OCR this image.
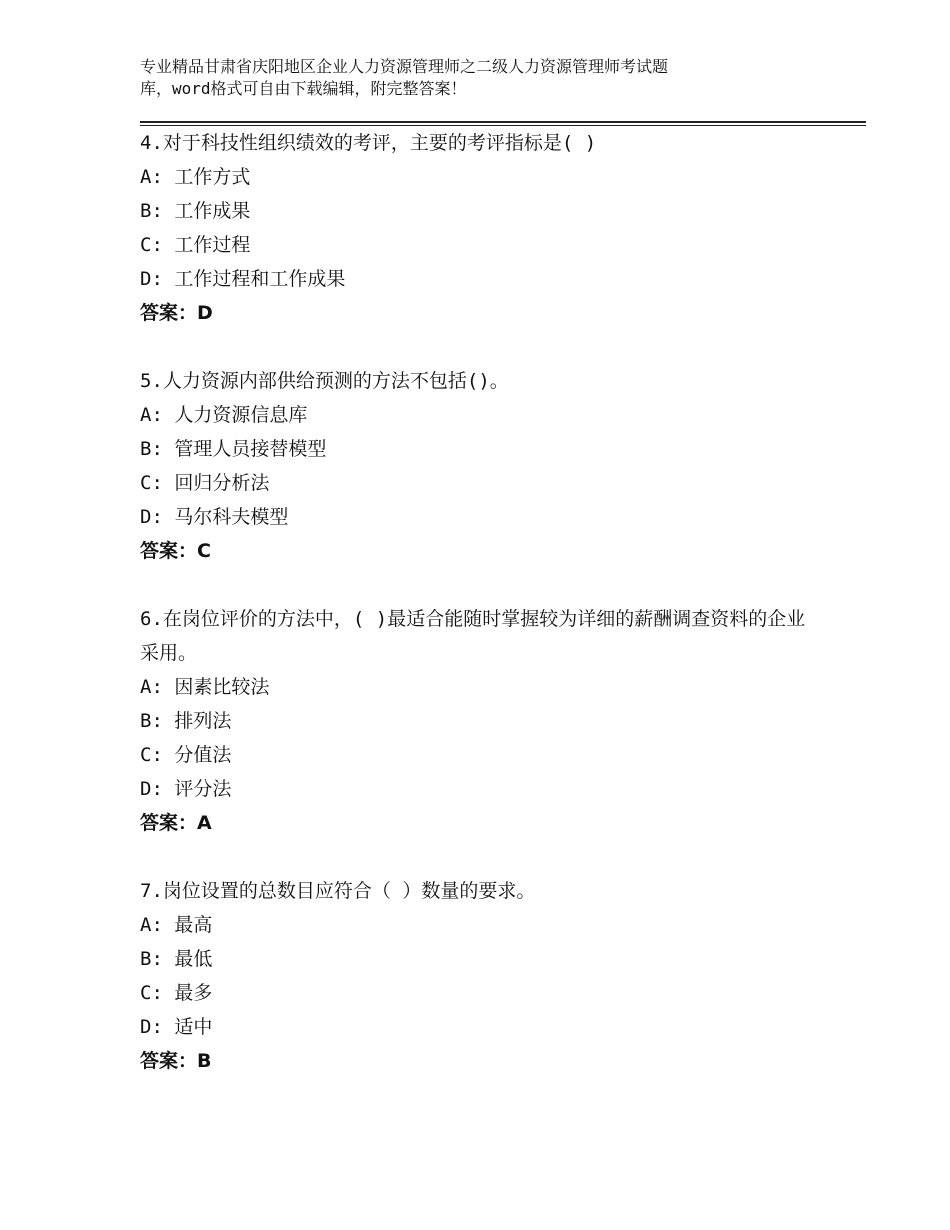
专业精品甘肃省庆阳地区企业人力资源管理师之二级人力资源管理师考试题
库，word格式可自由下载编辑，附完整答案！
4.对于科技性组织绩效的考评，主要的考评指标是( )
A: 工作方式
B: 工作成果
C: 工作过程
D: 工作过程和工作成果
答案：D
5.人力资源内部供给预测的方法不包括()。
A: 人力资源信息库
B: 管理人员接替模型
C: 回归分析法
D: 马尔科夫模型
答案：C
6.在岗位评价的方法中，( )最适合能随时掌握较为详细的薪酬调查资料的企业采用。
A: 因素比较法
B: 排列法
C: 分值法
D: 评分法
答案：A
7.岗位设置的总数目应符合（ ）数量的要求。
A: 最高
B: 最低
C: 最多
D: 适中
答案：B
